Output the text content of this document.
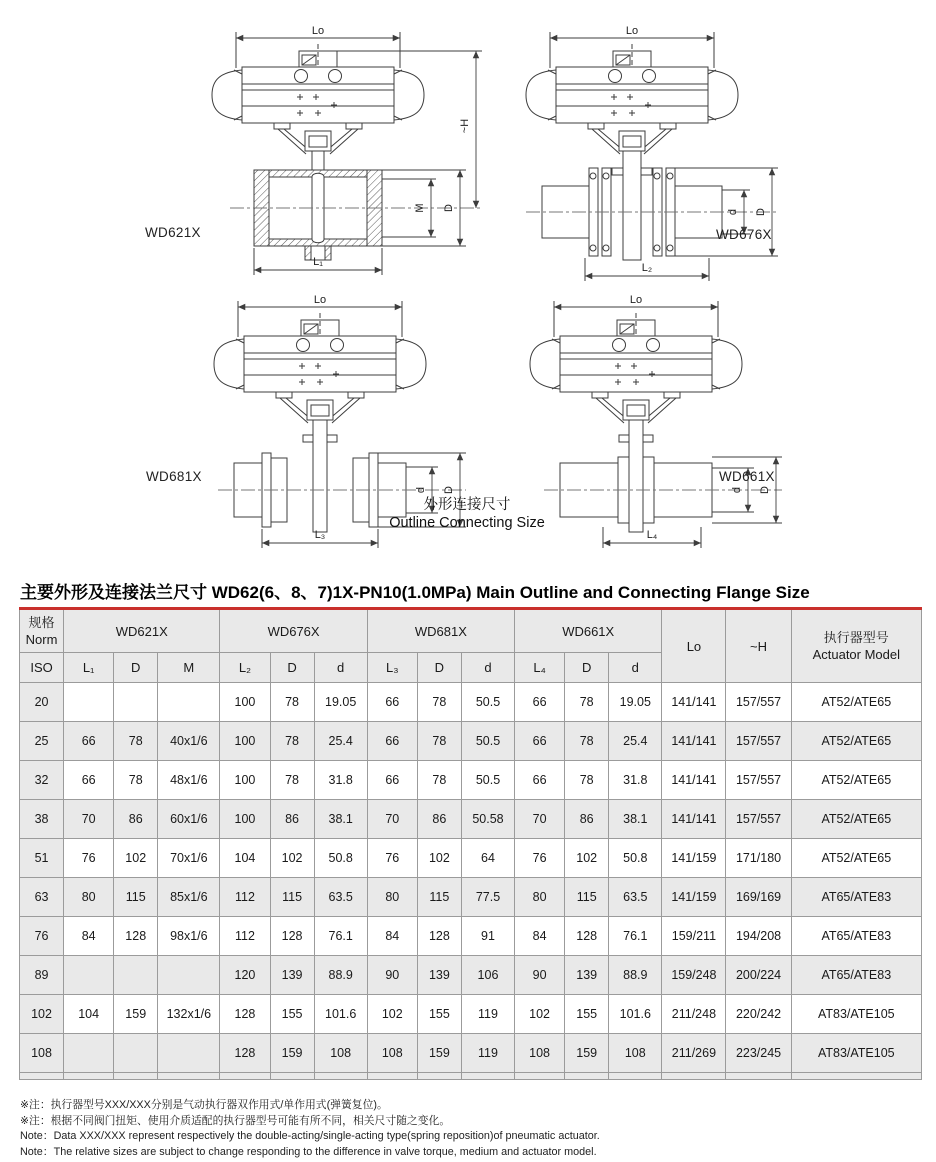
Lo
M D
~H
L₁
Lo
d D
L₂
Lo
d D
L₃
Lo
d D
L₄
WD621X	WD676X
WD681X	WD661X
外形连接尺寸
Outline Connecting Size
主要外形及连接法兰尺寸 WD62(6、8、7)1X-PN10(1.0MPa) Main Outline and Connecting Flange Size
规格
Norm
	WD621X	WD676X	WD681X	WD661X	Lo	~H	
执行器型号
Actuator Model

ISO	L₁	D	M	L₂	D	d	L₃	D	d	L₄	D	d			
20				100	78	19.05	66	78	50.5	66	78	19.05	141/141	157/557	AT52/ATE65
25	66	78	40x1/6	100	78	25.4	66	78	50.5	66	78	25.4	141/141	157/557	AT52/ATE65
32	66	78	48x1/6	100	78	31.8	66	78	50.5	66	78	31.8	141/141	157/557	AT52/ATE65
38	70	86	60x1/6	100	86	38.1	70	86	50.58	70	86	38.1	141/141	157/557	AT52/ATE65
51	76	102	70x1/6	104	102	50.8	76	102	64	76	102	50.8	141/159	171/180	AT52/ATE65
63	80	115	85x1/6	112	115	63.5	80	115	77.5	80	115	63.5	141/159	169/169	AT65/ATE83
76	84	128	98x1/6	112	128	76.1	84	128	91	84	128	76.1	159/211	194/208	AT65/ATE83
89				120	139	88.9	90	139	106	90	139	88.9	159/248	200/224	AT65/ATE83
102	104	159	132x1/6	128	155	101.6	102	155	119	102	155	101.6	211/248	220/242	AT83/ATE105
108				128	159	108	108	159	119	108	159	108	211/269	223/245	AT83/ATE105

※注：执行器型号XXX/XXX分别是气动执行器双作用式/单作用式(弹簧复位)。
※注：根据不同阀门扭矩、使用介质适配的执行器型号可能有所不同，相关尺寸随之变化。
Note：Data XXX/XXX represent respectively the double-acting/single-acting type(spring reposition)of pneumatic actuator.
Note：The relative sizes are subject to change responding to the difference in valve torque, medium and actuator model.
